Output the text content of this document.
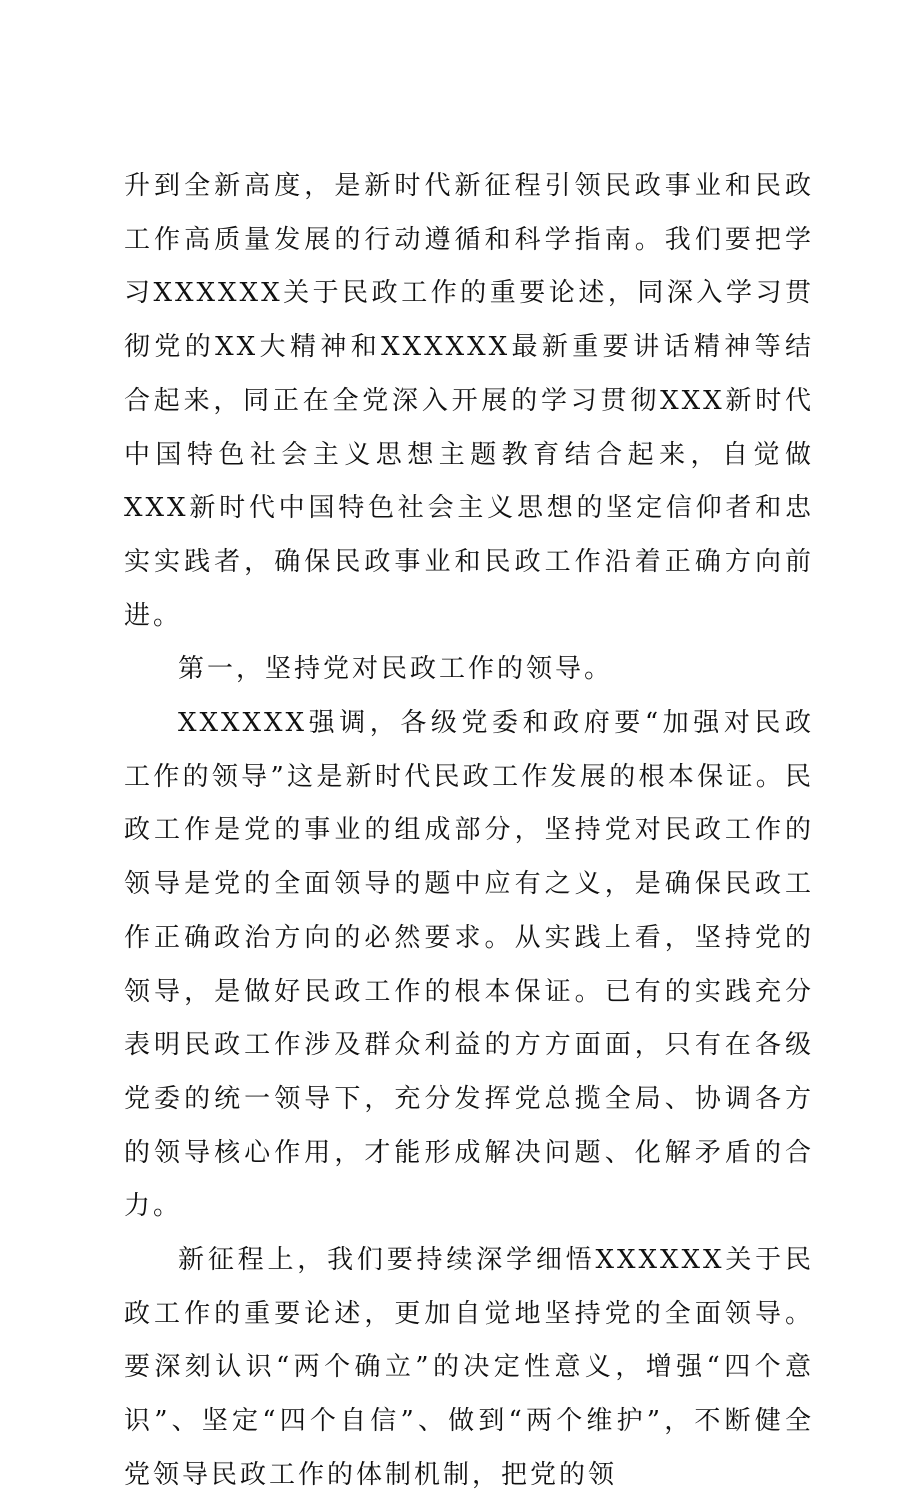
升到全新高度，是新时代新征程引领民政事业和民政工作高质量发展的行动遵循和科学指南。我们要把学习XXXXXX关于民政工作的重要论述，同深入学习贯彻党的XX大精神和XXXXXX最新重要讲话精神等结合起来，同正在全党深入开展的学习贯彻XXX新时代中国特色社会主义思想主题教育结合起来，自觉做XXX新时代中国特色社会主义思想的坚定信仰者和忠实实践者，确保民政事业和民政工作沿着正确方向前进。

第一，坚持党对民政工作的领导。

XXXXXX强调，各级党委和政府要“加强对民政工作的领导”这是新时代民政工作发展的根本保证。民政工作是党的事业的组成部分，坚持党对民政工作的领导是党的全面领导的题中应有之义，是确保民政工作正确政治方向的必然要求。从实践上看，坚持党的领导，是做好民政工作的根本保证。已有的实践充分表明民政工作涉及群众利益的方方面面，只有在各级党委的统一领导下，充分发挥党总揽全局、协调各方的领导核心作用，才能形成解决问题、化解矛盾的合力。

新征程上，我们要持续深学细悟XXXXXX关于民政工作的重要论述，更加自觉地坚持党的全面领导。要深刻认识“两个确立”的决定性意义，增强“四个意识”、坚定“四个自信”、做到“两个维护”，不断健全党领导民政工作的体制机制，把党的领
